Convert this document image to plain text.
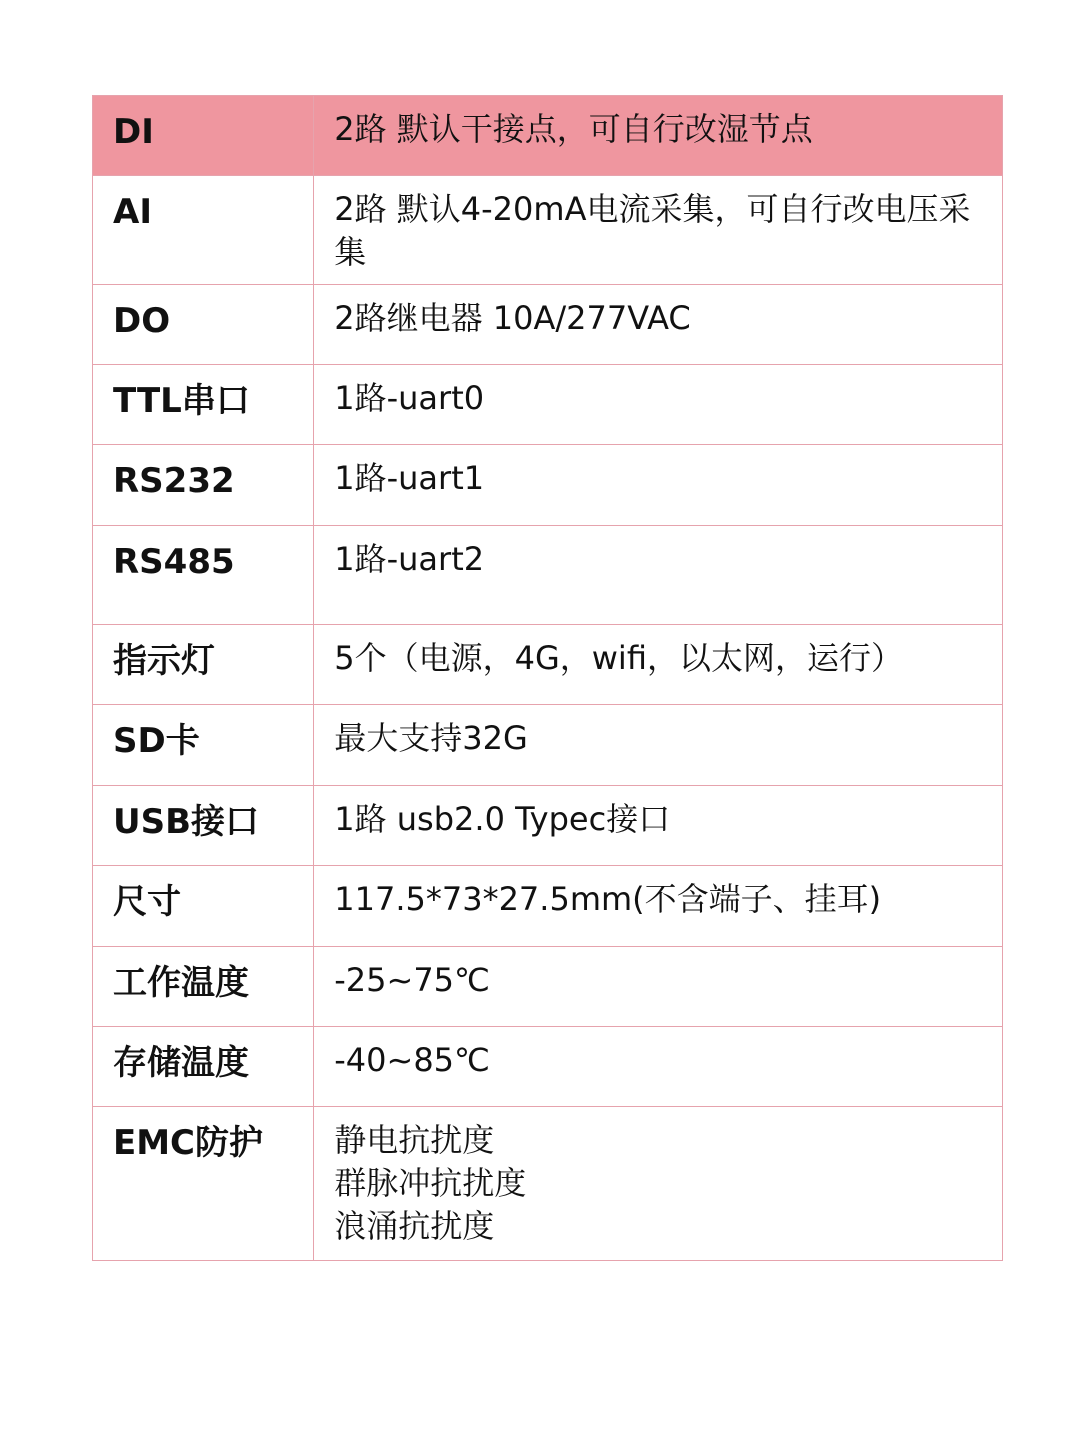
DI	2路 默认干接点，可自行改湿节点

AI	2路 默认4-20mA电流采集，可自行改电压采集

DO	2路继电器 10A/277VAC

TTL串口	1路-uart0

RS232	1路-uart1

RS485	1路-uart2

指示灯	5个（电源，4G，wifi，以太网，运行）

SD卡	最大支持32G

USB接口	1路 usb2.0 Typec接口

尺寸	117.5*73*27.5mm(不含端子、挂耳)

工作温度	-25~75℃

存储温度	-40~85℃

EMC防护	静电抗扰度
群脉冲抗扰度
浪涌抗扰度
